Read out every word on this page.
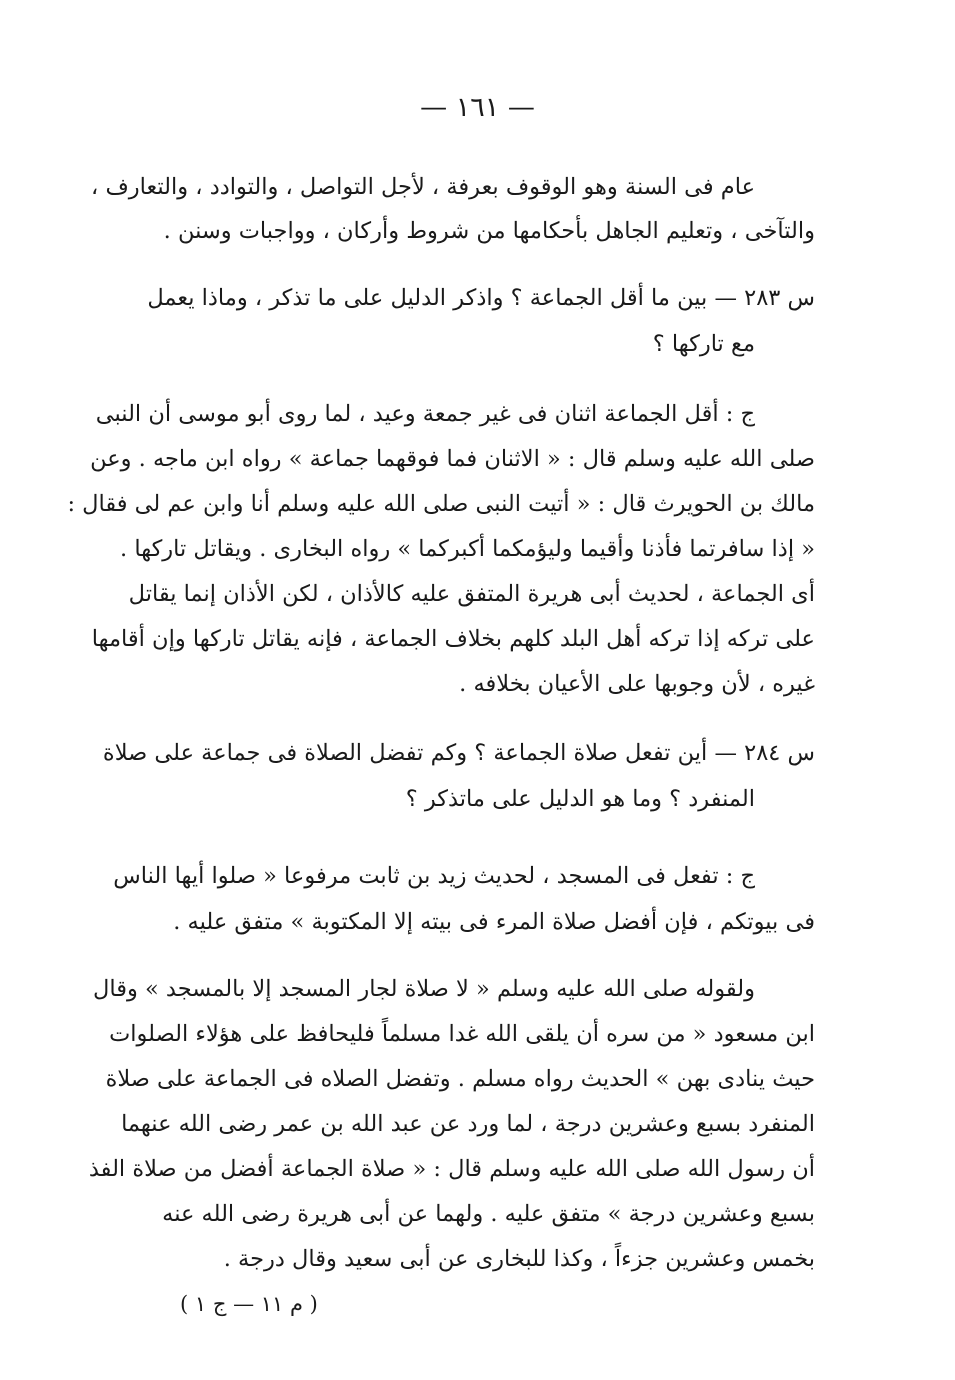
— ١٦١ —
عام فى السنة وهو الوقوف بعرفة ، لأجل التواصل ، والتوادد ، والتعارف ،
والتآخى ، وتعليم الجاهل بأحكامها من شروط وأركان ، وواجبات وسنن .
س ٢٨٣ — بين ما أقل الجماعة ؟ واذكر الدليل على ما تذكر ، وماذا يعمل
مع تاركها ؟
ج : أقل الجماعة اثنان فى غير جمعة وعيد ، لما روى أبو موسى أن النبى
صلى الله عليه وسلم قال : « الاثنان فما فوقهما جماعة » رواه ابن ماجه . وعن
مالك بن الحويرث قال : « أتيت النبى صلى الله عليه وسلم أنا وابن عم لى فقال :
« إذا سافرتما فأذنا وأقيما وليؤمكما أكبركما » رواه البخارى . ويقاتل تاركها .
أى الجماعة ، لحديث أبى هريرة المتفق عليه كالأذان ، لكن الأذان إنما يقاتل
على تركه إذا تركه أهل البلد كلهم بخلاف الجماعة ، فإنه يقاتل تاركها وإن أقامها
غيره ، لأن وجوبها على الأعيان بخلافه .
س ٢٨٤ — أين تفعل صلاة الجماعة ؟ وكم تفضل الصلاة فى جماعة على صلاة
المنفرد ؟ وما هو الدليل على ماتذكر ؟
ج : تفعل فى المسجد ، لحديث زيد بن ثابت مرفوعا « صلوا أيها الناس
فى بيوتكم ، فإن أفضل صلاة المرء فى بيته إلا المكتوبة » متفق عليه .
ولقوله صلى الله عليه وسلم « لا صلاة لجار المسجد إلا بالمسجد » وقال
ابن مسعود « من سره أن يلقى الله غدا مسلماً فليحافظ على هؤلاء الصلوات
حيث ينادى بهن » الحديث رواه مسلم . وتفضل الصلاه فى الجماعة على صلاة
المنفرد بسبع وعشرين درجة ، لما ورد عن عبد الله بن عمر رضى الله عنهما
أن رسول الله صلى الله عليه وسلم قال : « صلاة الجماعة أفضل من صلاة الفذ
بسبع وعشرين درجة » متفق عليه . ولهما عن أبى هريرة رضى الله عنه
بخمس وعشرين جزءاً ، وكذا للبخارى عن أبى سعيد وقال درجة .
( م ١١ — ج ١ )
